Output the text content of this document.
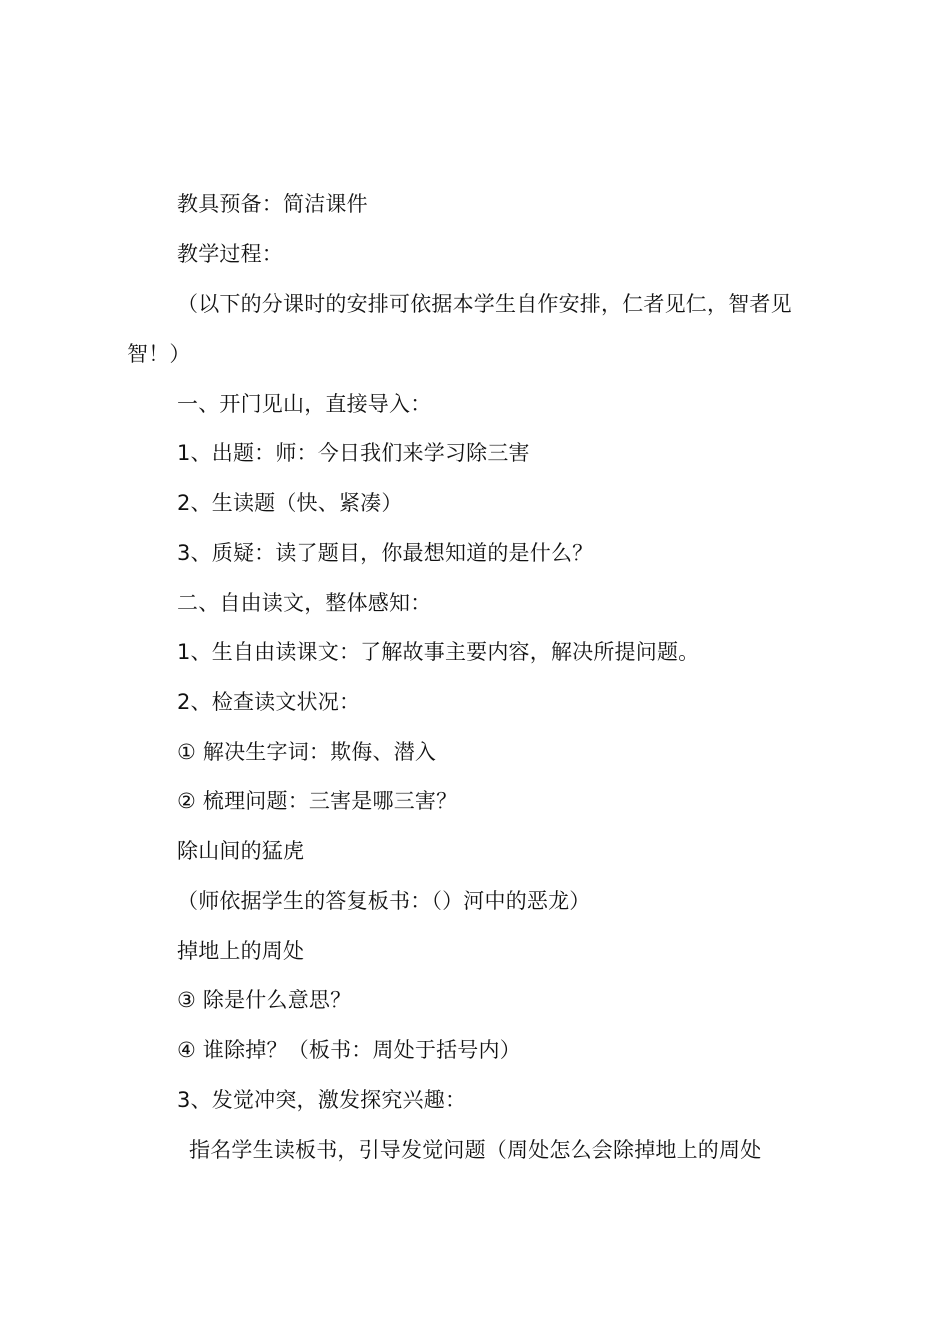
教具预备：简洁课件
教学过程：
（以下的分课时的安排可依据本学生自作安排，仁者见仁，智者见
智！）
一、开门见山，直接导入：
1、出题：师：今日我们来学习除三害
2、生读题（快、紧凑）
3、质疑：读了题目，你最想知道的是什么？
二、自由读文，整体感知：
1、生自由读课文：了解故事主要内容，解决所提问题。
2、检查读文状况：
① 解决生字词：欺侮、潜入
② 梳理问题：三害是哪三害？
除山间的猛虎
（师依据学生的答复板书：（）河中的恶龙）
掉地上的周处
③ 除是什么意思？
④ 谁除掉？（板书：周处于括号内）
3、发觉冲突，激发探究兴趣：
指名学生读板书，引导发觉问题（周处怎么会除掉地上的周处
